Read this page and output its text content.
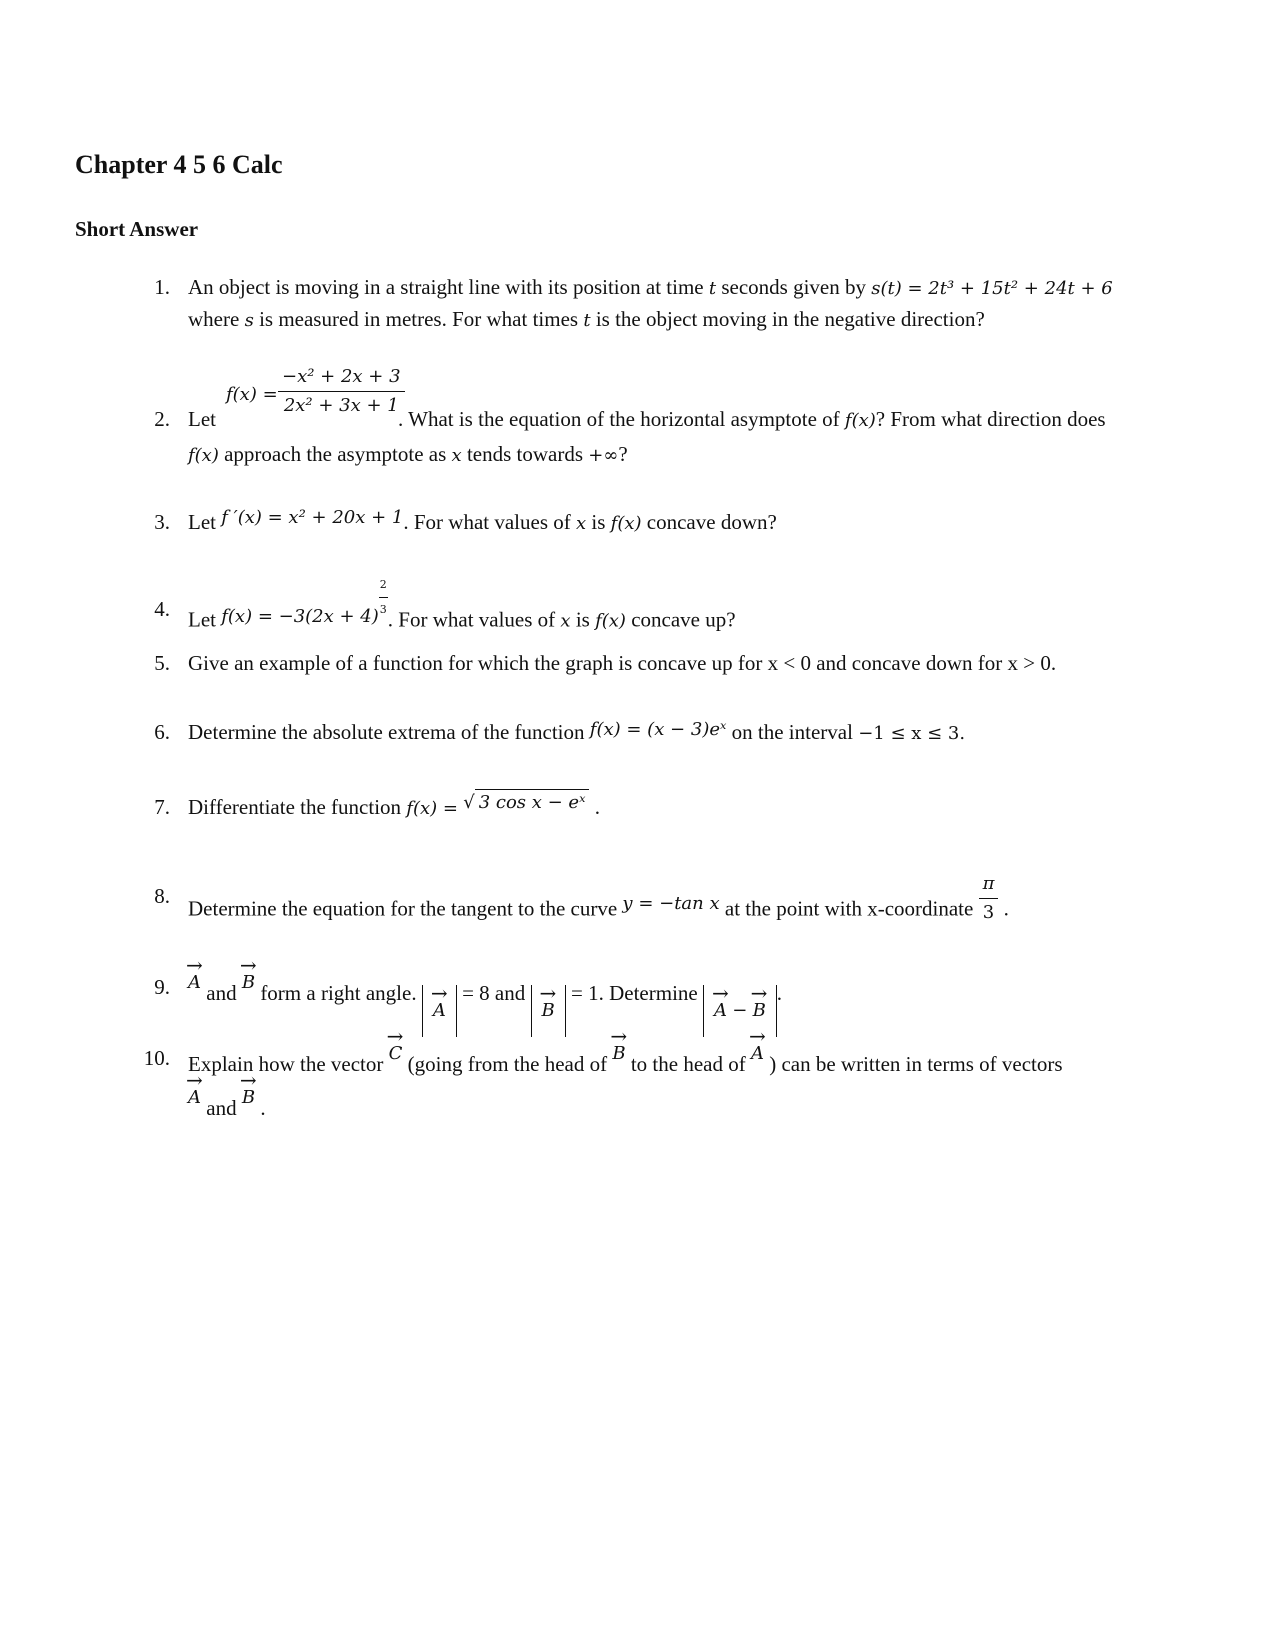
Chapter 4 5 6 Calc
Short Answer
1. An object is moving in a straight line with its position at time t seconds given by s(t) = 2t³ + 15t² + 24t + 6
where s is measured in metres. For what times t is the object moving in the negative direction?
2. Let
$f(x) = \frac{\text{−x² + 2x + 3}}{\text{2x² + 3x + 1}}$
. What is the equation of the horizontal asymptote of f(x)? From what direction does
f(x) approach the asymptote as x tends towards +∞?
3. Let f ′(x) = x² + 20x + 1. For what values of x is f(x) concave down?
4. Let $f(x) = -3(2x + 4) \frac{2}{3}$ . For what values of x is f(x) concave up?
5. Give an example of a function for which the graph is concave up for x < 0 and concave down for x > 0.
6. Determine the absolute extrema of the function f(x) = (x − 3)eˣ on the interval −1 ≤ x ≤ 3.
7. Differentiate the function f(x) = √ 3 cos x − eˣ .
8.
Determine the equation for the tangent to the curve y = −tan x at the point with x-coordinate $\frac{\pi}{3}$ .
9. → A and → B form a right angle. → A = 8 and → B = 1. Determine → A − → B.
10. Explain how the vector → C (going from the head of → B to the head of → A ) can be written in terms of vectors
→ A and → B .
